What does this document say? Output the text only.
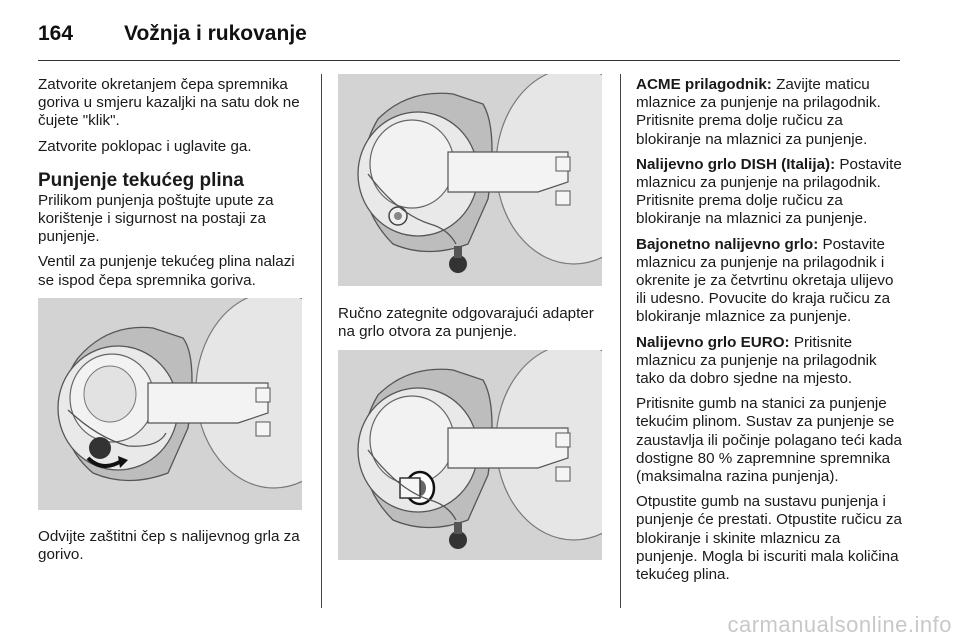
164	Vožnja i rukovanje

Zatvorite okretanjem čepa spremnika goriva u smjeru kazaljki na satu dok ne čujete "klik".

Zatvorite poklopac i uglavite ga.

Punjenje tekućeg plina

Prilikom punjenja poštujte upute za korištenje i sigurnost na postaji za punjenje.

Ventil za punjenje tekućeg plina nalazi se ispod čepa spremnika goriva.

Odvijte zaštitni čep s nalijevnog grla za gorivo.

Ručno zategnite odgovarajući adapter na grlo otvora za punjenje.

ACME prilagodnik: Zavijte maticu mlaznice za punjenje na prilagodnik. Pritisnite prema dolje ručicu za blokiranje na mlaznici za punjenje.

Nalijevno grlo DISH (Italija): Postavite mlaznicu za punjenje na prilagodnik. Pritisnite prema dolje ručicu za blokiranje na mlaznici za punjenje.

Bajonetno nalijevno grlo: Postavite mlaznicu za punjenje na prilagodnik i okrenite je za četvrtinu okretaja ulijevo ili udesno. Povucite do kraja ručicu za blokiranje mlaznice za punjenje.

Nalijevno grlo EURO: Pritisnite mlaznicu za punjenje na prilagodnik tako da dobro sjedne na mjesto.

Pritisnite gumb na stanici za punjenje tekućim plinom. Sustav za punjenje se zaustavlja ili počinje polagano teći kada dostigne 80 % zapremnine spremnika (maksimalna razina punjenja).

Otpustite gumb na sustavu punjenja i punjenje će prestati. Otpustite ručicu za blokiranje i skinite mlaznicu za punjenje. Mogla bi iscuriti mala količina tekućeg plina.

carmanualsonline.info
